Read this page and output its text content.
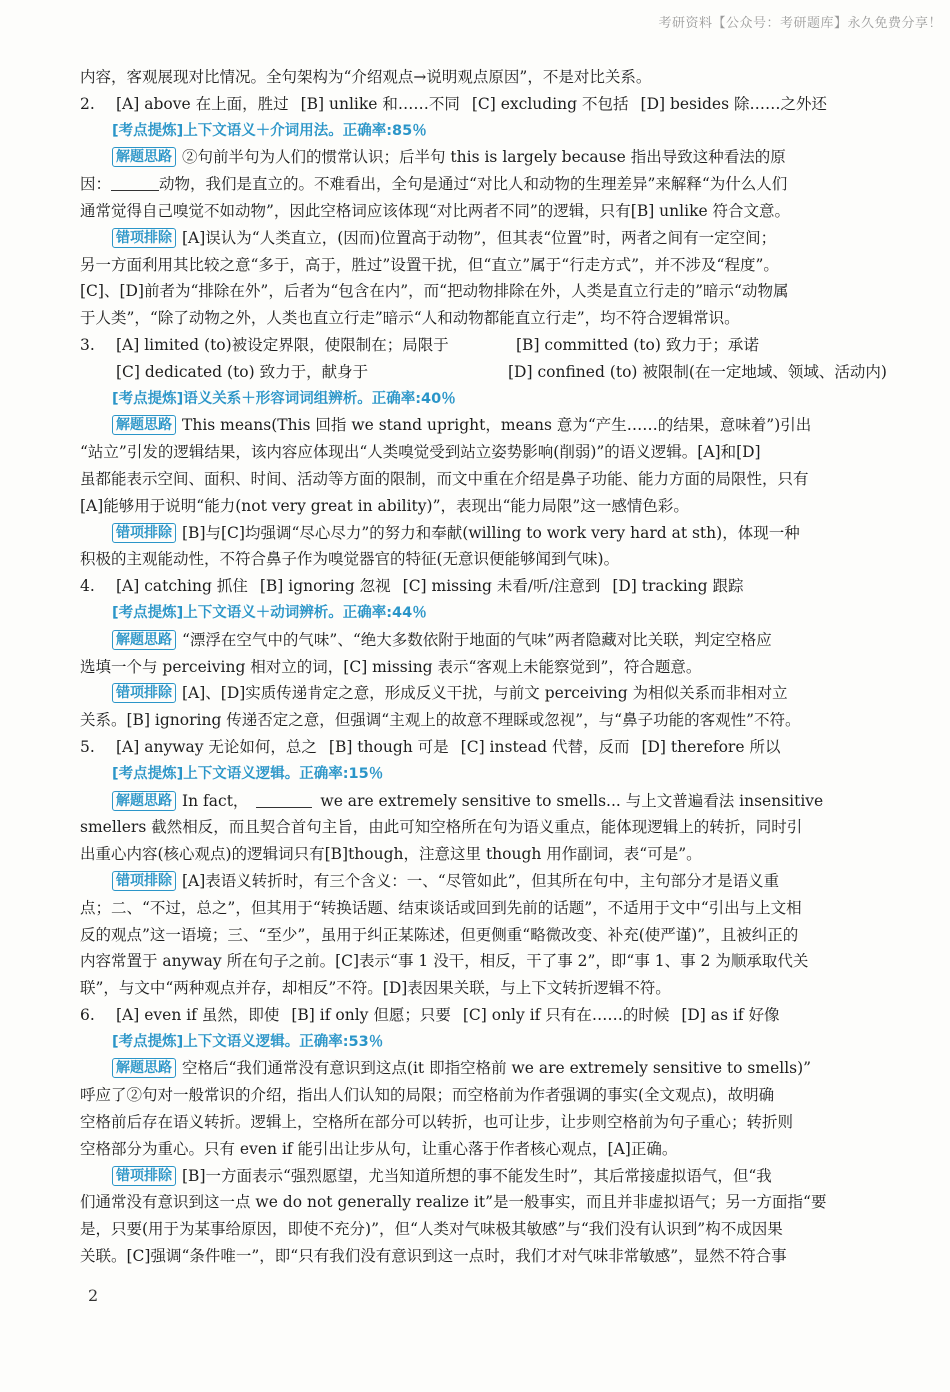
考研资料【公众号：考研题库】永久免费分享！
内容，客观展现对比情况。全句架构为“介绍观点→说明观点原因”，不是对比关系。
2. [A] above 在上面，胜过 [B] unlike 和……不同 [C] excluding 不包括 [D] besides 除……之外还
[考点提炼]上下文语义＋介词用法。正确率:85％
解题思路 ②句前半句为人们的惯常认识；后半句 this is largely because 指出导致这种看法的原
因：	动物，我们是直立的。不难看出，全句是通过“对比人和动物的生理差异”来解释“为什么人们
通常觉得自己嗅觉不如动物”，因此空格词应该体现“对比两者不同”的逻辑，只有[B] unlike 符合文意。
错项排除 [A]误认为“人类直立，(因而)位置高于动物”，但其表“位置”时，两者之间有一定空间；
另一方面利用其比较之意“多于，高于，胜过”设置干扰，但“直立”属于“行走方式”，并不涉及“程度”。
[C]、[D]前者为“排除在外”，后者为“包含在内”，而“把动物排除在外，人类是直立行走的”暗示“动物属
于人类”，“除了动物之外，人类也直立行走”暗示“人和动物都能直立行走”，均不符合逻辑常识。
3. [A] limited (to)被设定界限，使限制在；局限于	[B] committed (to) 致力于；承诺
[C] dedicated (to) 致力于，献身于	[D] confined (to) 被限制(在一定地域、领域、活动内)
[考点提炼]语义关系＋形容词词组辨析。正确率:40％
解题思路 This means(This 回指 we stand upright，means 意为“产生……的结果，意味着”)引出
“站立”引发的逻辑结果，该内容应体现出“人类嗅觉受到站立姿势影响(削弱)”的语义逻辑。[A]和[D]
虽都能表示空间、面积、时间、活动等方面的限制，而文中重在介绍是鼻子功能、能力方面的局限性，只有
[A]能够用于说明“能力(not very great in ability)”，表现出“能力局限”这一感情色彩。
错项排除 [B]与[C]均强调“尽心尽力”的努力和奉献(willing to work very hard at sth)，体现一种
积极的主观能动性，不符合鼻子作为嗅觉器官的特征(无意识便能够闻到气味)。
4. [A] catching 抓住 [B] ignoring 忽视 [C] missing 未看/听/注意到 [D] tracking 跟踪
[考点提炼]上下文语义＋动词辨析。正确率:44％
解题思路 “漂浮在空气中的气味”、“绝大多数依附于地面的气味”两者隐藏对比关联，判定空格应
选填一个与 perceiving 相对立的词，[C] missing 表示“客观上未能察觉到”，符合题意。
错项排除 [A]、[D]实质传递肯定之意，形成反义干扰，与前文 perceiving 为相似关系而非相对立
关系。[B] ignoring 传递否定之意，但强调“主观上的故意不理睬或忽视”，与“鼻子功能的客观性”不符。
5. [A] anyway 无论如何，总之 [B] though 可是 [C] instead 代替，反而 [D] therefore 所以
[考点提炼]上下文语义逻辑。正确率:15％
解题思路 In fact，	we are extremely sensitive to smells... 与上文普遍看法 insensitive
smellers 截然相反，而且契合首句主旨，由此可知空格所在句为语义重点，能体现逻辑上的转折，同时引
出重心内容(核心观点)的逻辑词只有[B]though，注意这里 though 用作副词，表“可是”。
错项排除 [A]表语义转折时，有三个含义：一、“尽管如此”，但其所在句中，主句部分才是语义重
点；二、“不过，总之”，但其用于“转换话题、结束谈话或回到先前的话题”，不适用于文中“引出与上文相
反的观点”这一语境；三、“至少”，虽用于纠正某陈述，但更侧重“略微改变、补充(使严谨)”，且被纠正的
内容常置于 anyway 所在句子之前。[C]表示“事 1 没干，相反，干了事 2”，即“事 1、事 2 为顺承取代关
联”，与文中“两种观点并存，却相反”不符。[D]表因果关联，与上下文转折逻辑不符。
6. [A] even if 虽然，即使 [B] if only 但愿；只要 [C] only if 只有在……的时候 [D] as if 好像
[考点提炼]上下文语义逻辑。正确率:53％
解题思路 空格后“我们通常没有意识到这点(it 即指空格前 we are extremely sensitive to smells)”
呼应了②句对一般常识的介绍，指出人们认知的局限；而空格前为作者强调的事实(全文观点)，故明确
空格前后存在语义转折。逻辑上，空格所在部分可以转折，也可让步，让步则空格前为句子重心；转折则
空格部分为重心。只有 even if 能引出让步从句，让重心落于作者核心观点，[A]正确。
错项排除 [B]一方面表示“强烈愿望，尤当知道所想的事不能发生时”，其后常接虚拟语气，但“我
们通常没有意识到这一点 we do not generally realize it”是一般事实，而且并非虚拟语气；另一方面指“要
是，只要(用于为某事给原因，即使不充分)”，但“人类对气味极其敏感”与“我们没有认识到”构不成因果
关联。[C]强调“条件唯一”，即“只有我们没有意识到这一点时，我们才对气味非常敏感”，显然不符合事
2
